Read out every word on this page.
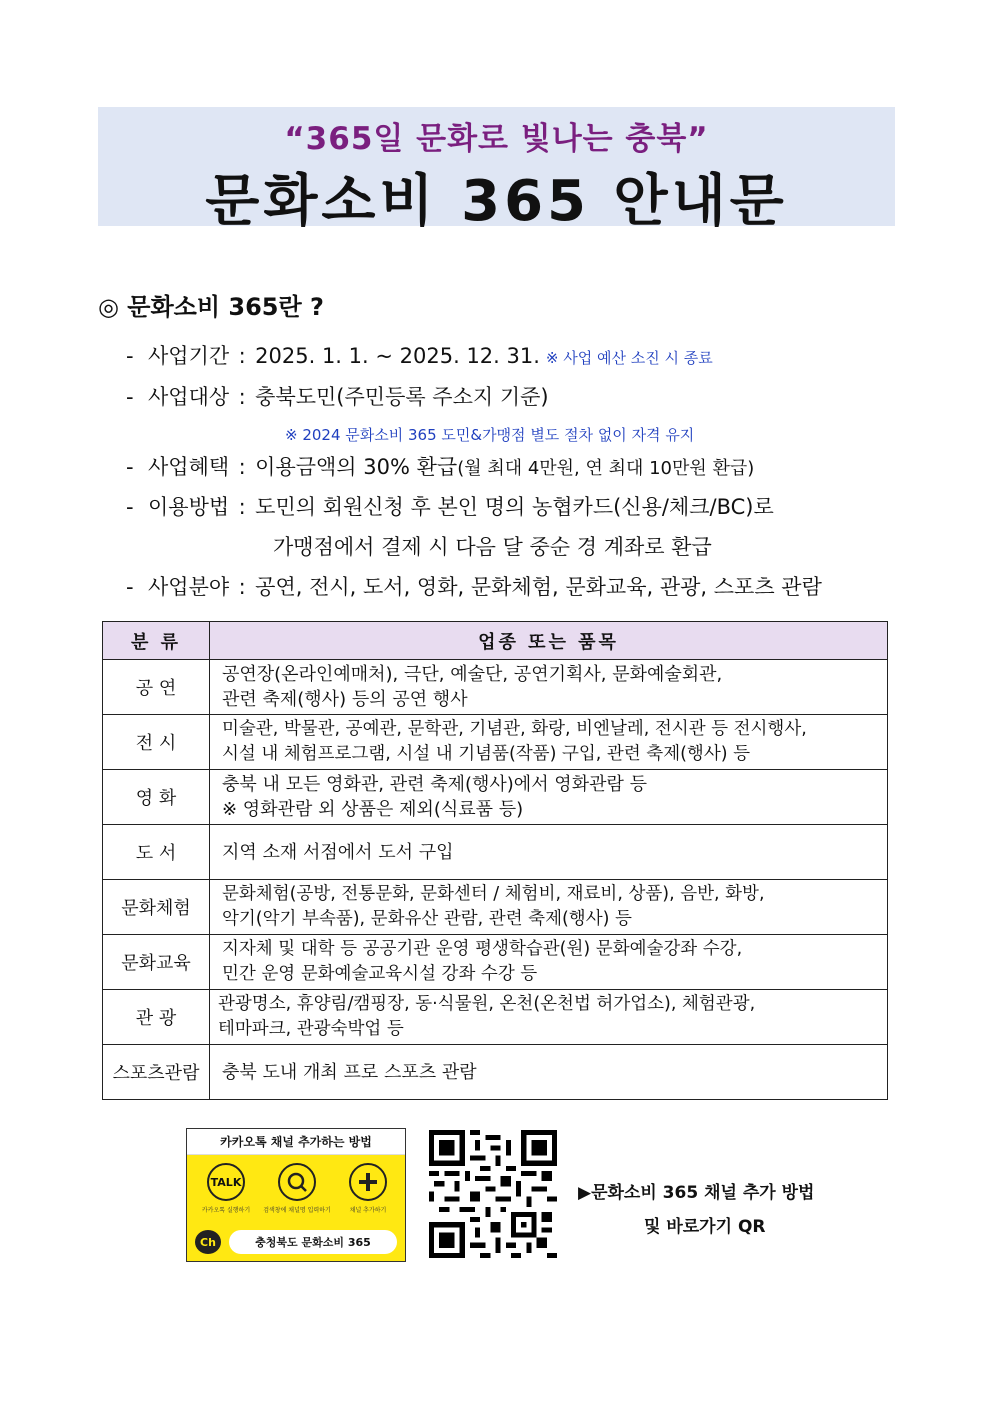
“365일 문화로 빛나는 충북”
문화소비 365 안내문
◎ 문화소비 365란 ?
- 사업기간 : 2025. 1. 1. ~ 2025. 12. 31. ※ 사업 예산 소진 시 종료
- 사업대상 : 충북도민(주민등록 주소지 기준)
※ 2024 문화소비 365 도민&가맹점 별도 절차 없이 자격 유지
- 사업혜택 : 이용금액의 30% 환급(월 최대 4만원, 연 최대 10만원 환급)
- 이용방법 : 도민의 회원신청 후 본인 명의 농협카드(신용/체크/BC)로
가맹점에서 결제 시 다음 달 중순 경 계좌로 환급
- 사업분야 : 공연, 전시, 도서, 영화, 문화체험, 문화교육, 관광, 스포츠 관람
분 류	업종 또는 품목
공 연	공연장(온라인예매처), 극단, 예술단, 공연기획사, 문화예술회관,
관련 축제(행사) 등의 공연 행사

전 시	미술관, 박물관, 공예관, 문학관, 기념관, 화랑, 비엔날레, 전시관 등 전시행사,
시설 내 체험프로그램, 시설 내 기념품(작품) 구입, 관련 축제(행사) 등

영 화	충북 내 모든 영화관, 관련 축제(행사)에서 영화관람 등
※ 영화관람 외 상품은 제외(식료품 등)

도 서	지역 소재 서점에서 도서 구입

문화체험	문화체험(공방, 전통문화, 문화센터 / 체험비, 재료비, 상품), 음반, 화방,
악기(악기 부속품), 문화유산 관람, 관련 축제(행사) 등

문화교육	지자체 및 대학 등 공공기관 운영 평생학습관(원) 문화예술강좌 수강,
민간 운영 문화예술교육시설 강좌 수강 등

관 광	관광명소, 휴양림/캠핑장, 동·식물원, 온천(온천법 허가업소), 체험관광,
테마파크, 관광숙박업 등

스포츠관람	충북 도내 개최 프로 스포츠 관람
카카오톡 채널 추가하는 방법
TALK
카카오톡 실행하기	검색창에 채널명 입력하기	채널 추가하기
Ch	충청북도 문화소비 365
▶문화소비 365 채널 추가 방법
및 바로가기 QR
